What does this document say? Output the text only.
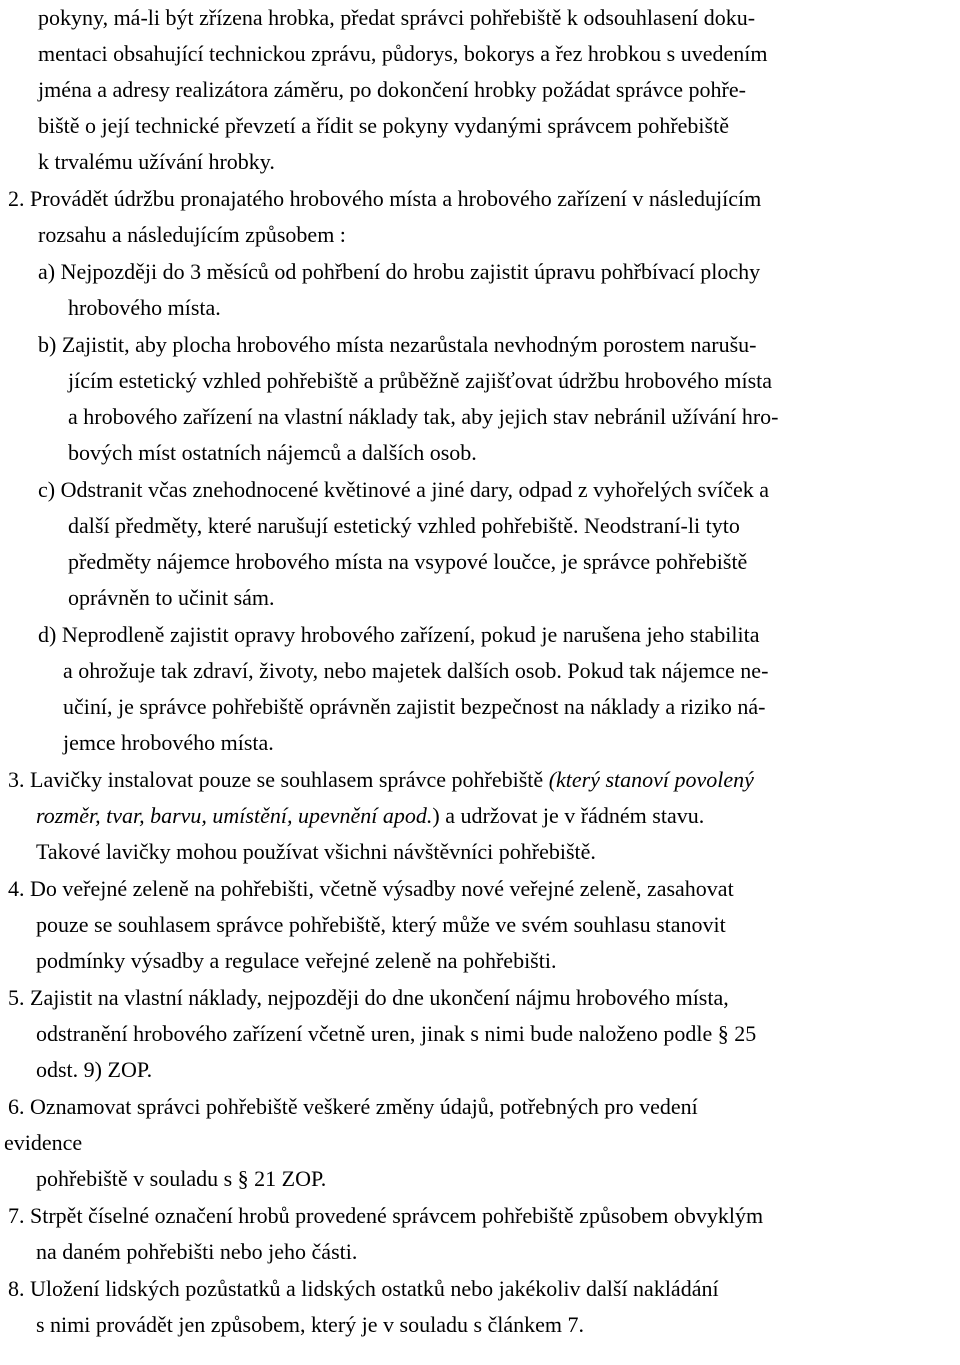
pokyny, má-li být zřízena hrobka, předat správci pohřebiště k odsouhlasení doku-
mentaci obsahující technickou zprávu, půdorys, bokorys a řez hrobkou s uvedením
jména a adresy realizátora záměru, po dokončení hrobky požádat správce pohře-
biště o její technické převzetí a řídit se pokyny vydanými správcem pohřebiště
k trvalému užívání hrobky.
2. Provádět údržbu pronajatého hrobového místa a hrobového zařízení v následujícím
rozsahu a následujícím způsobem :
a) Nejpozději do 3 měsíců od pohřbení do hrobu zajistit úpravu pohřbívací plochy
hrobového místa.
b) Zajistit, aby plocha hrobového místa nezarůstala nevhodným porostem narušu-
jícím estetický vzhled pohřebiště a průběžně zajišťovat údržbu hrobového místa
a hrobového zařízení na vlastní náklady tak, aby jejich stav nebránil užívání hro-
bových míst ostatních nájemců a dalších osob.
c) Odstranit včas znehodnocené květinové a jiné dary, odpad z vyhořelých svíček a
další předměty, které narušují estetický vzhled pohřebiště. Neodstraní-li tyto
předměty nájemce hrobového místa na vsypové loučce, je správce pohřebiště
oprávněn to učinit sám.
d) Neprodleně zajistit opravy hrobového zařízení, pokud je narušena jeho stabilita
a ohrožuje tak zdraví, životy, nebo majetek dalších osob. Pokud tak nájemce ne-
učiní, je správce pohřebiště oprávněn zajistit bezpečnost na náklady a riziko ná-
jemce hrobového místa.
3. Lavičky instalovat pouze se souhlasem správce pohřebiště (který stanoví povolený
rozměr, tvar, barvu, umístění, upevnění apod.) a udržovat je v řádném stavu.
Takové lavičky mohou používat všichni návštěvníci pohřebiště.
4. Do veřejné zeleně na pohřebišti, včetně výsadby nové veřejné zeleně, zasahovat
pouze se souhlasem správce pohřebiště, který může ve svém souhlasu stanovit
podmínky výsadby a regulace veřejné zeleně na pohřebišti.
5. Zajistit na vlastní náklady, nejpozději do dne ukončení nájmu hrobového místa,
odstranění hrobového zařízení včetně uren, jinak s nimi bude naloženo podle § 25
odst. 9) ZOP.
6. Oznamovat správci pohřebiště veškeré změny údajů, potřebných pro vedení
evidence
pohřebiště v souladu s § 21 ZOP.
7. Strpět číselné označení hrobů provedené správcem pohřebiště způsobem obvyklým
na daném pohřebišti nebo jeho části.
8. Uložení lidských pozůstatků a lidských ostatků nebo jakékoliv další nakládání
s nimi provádět jen způsobem, který je v souladu s článkem 7.
